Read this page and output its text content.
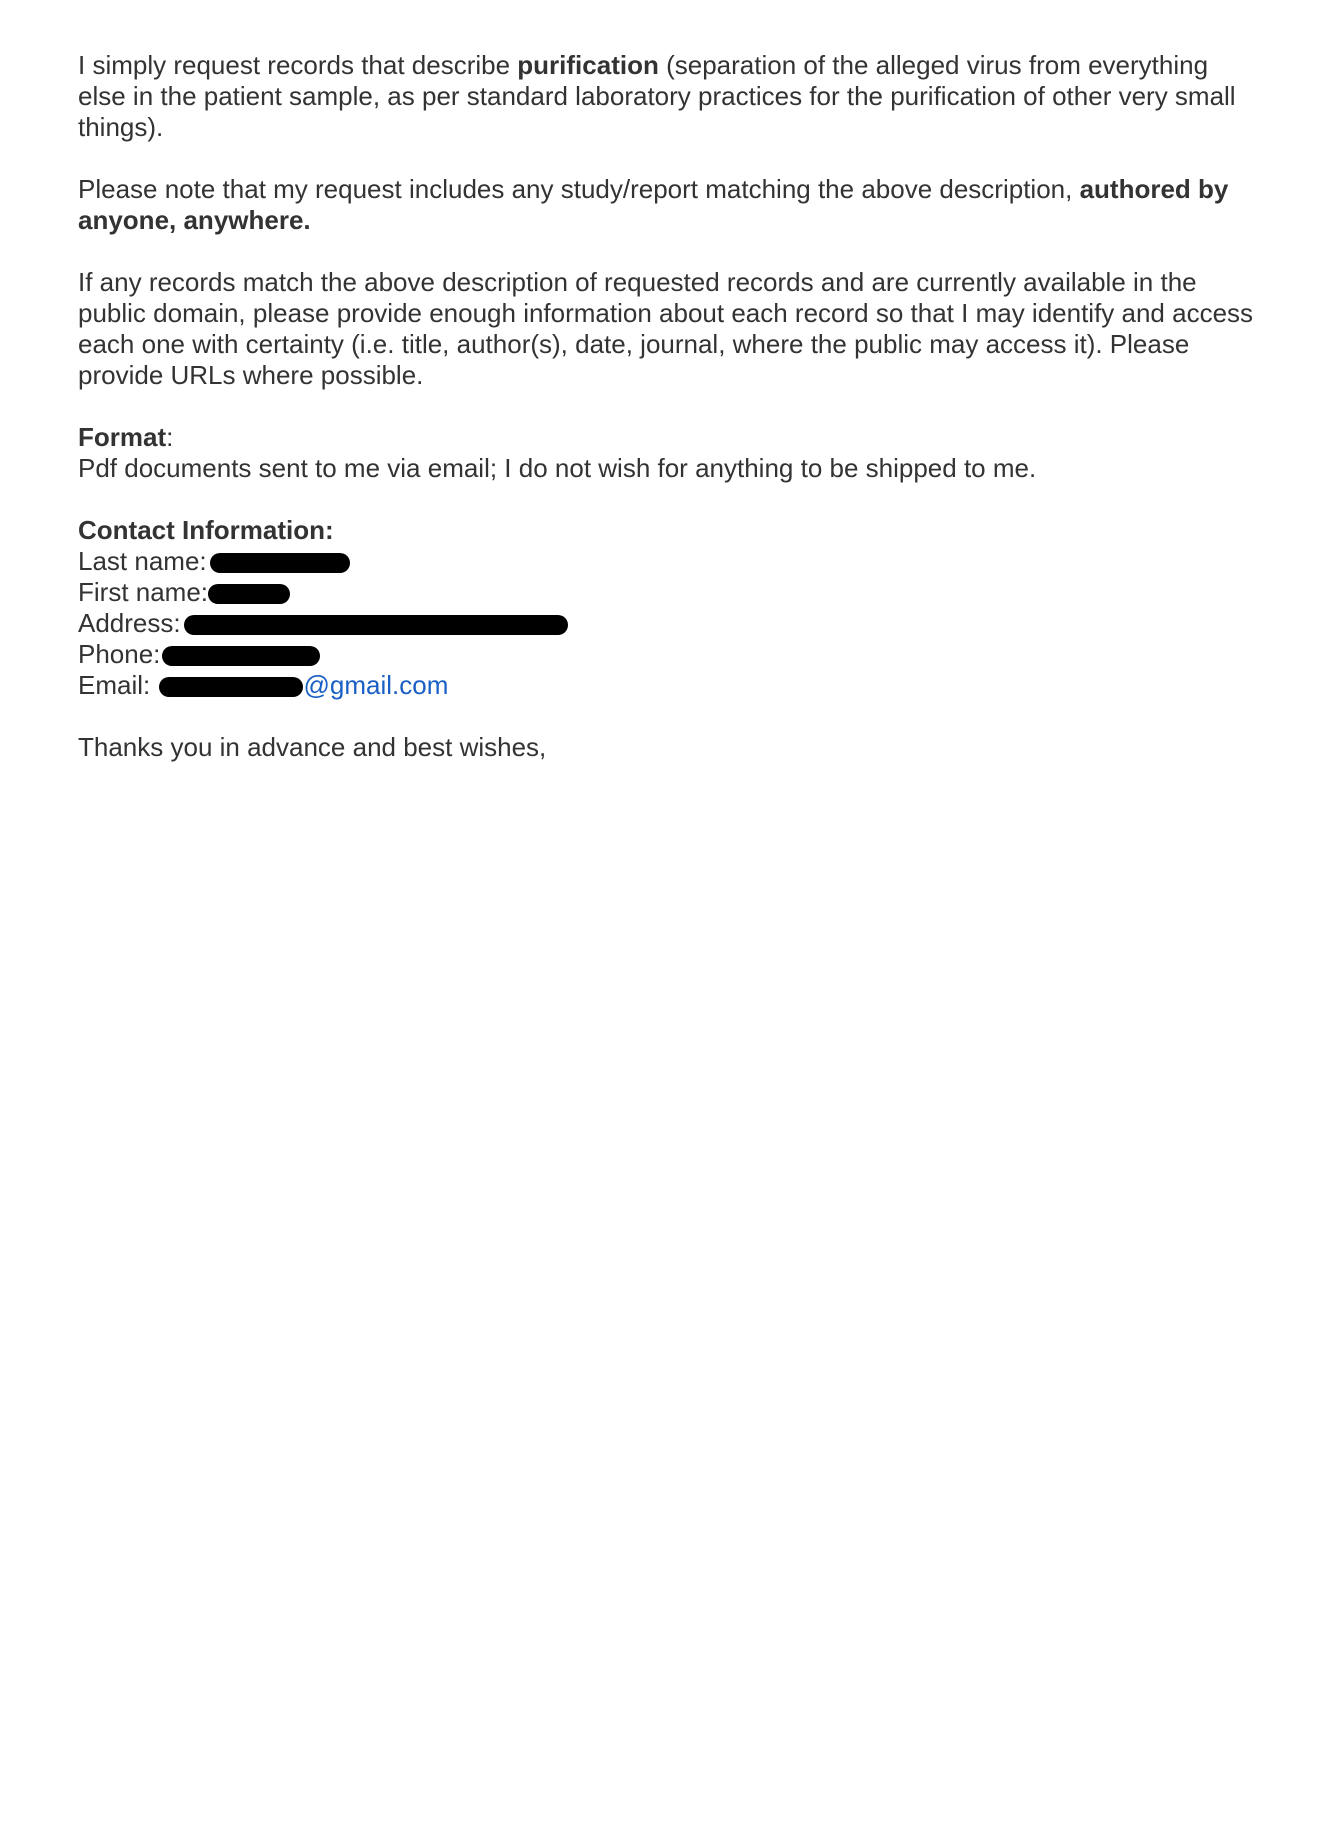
I simply request records that describe purification (separation of the alleged virus from everything else in the patient sample, as per standard laboratory practices for the purification of other very small things).

Please note that my request includes any study/report matching the above description, authored by anyone, anywhere.

If any records match the above description of requested records and are currently available in the public domain, please provide enough information about each record so that I may identify and access each one with certainty (i.e. title, author(s), date, journal, where the public may access it). Please provide URLs where possible.

Format:
Pdf documents sent to me via email; I do not wish for anything to be shipped to me.

Contact Information:
Last name:
First name:
Address:
Phone:
Email:	@gmail.com

Thanks you in advance and best wishes,
